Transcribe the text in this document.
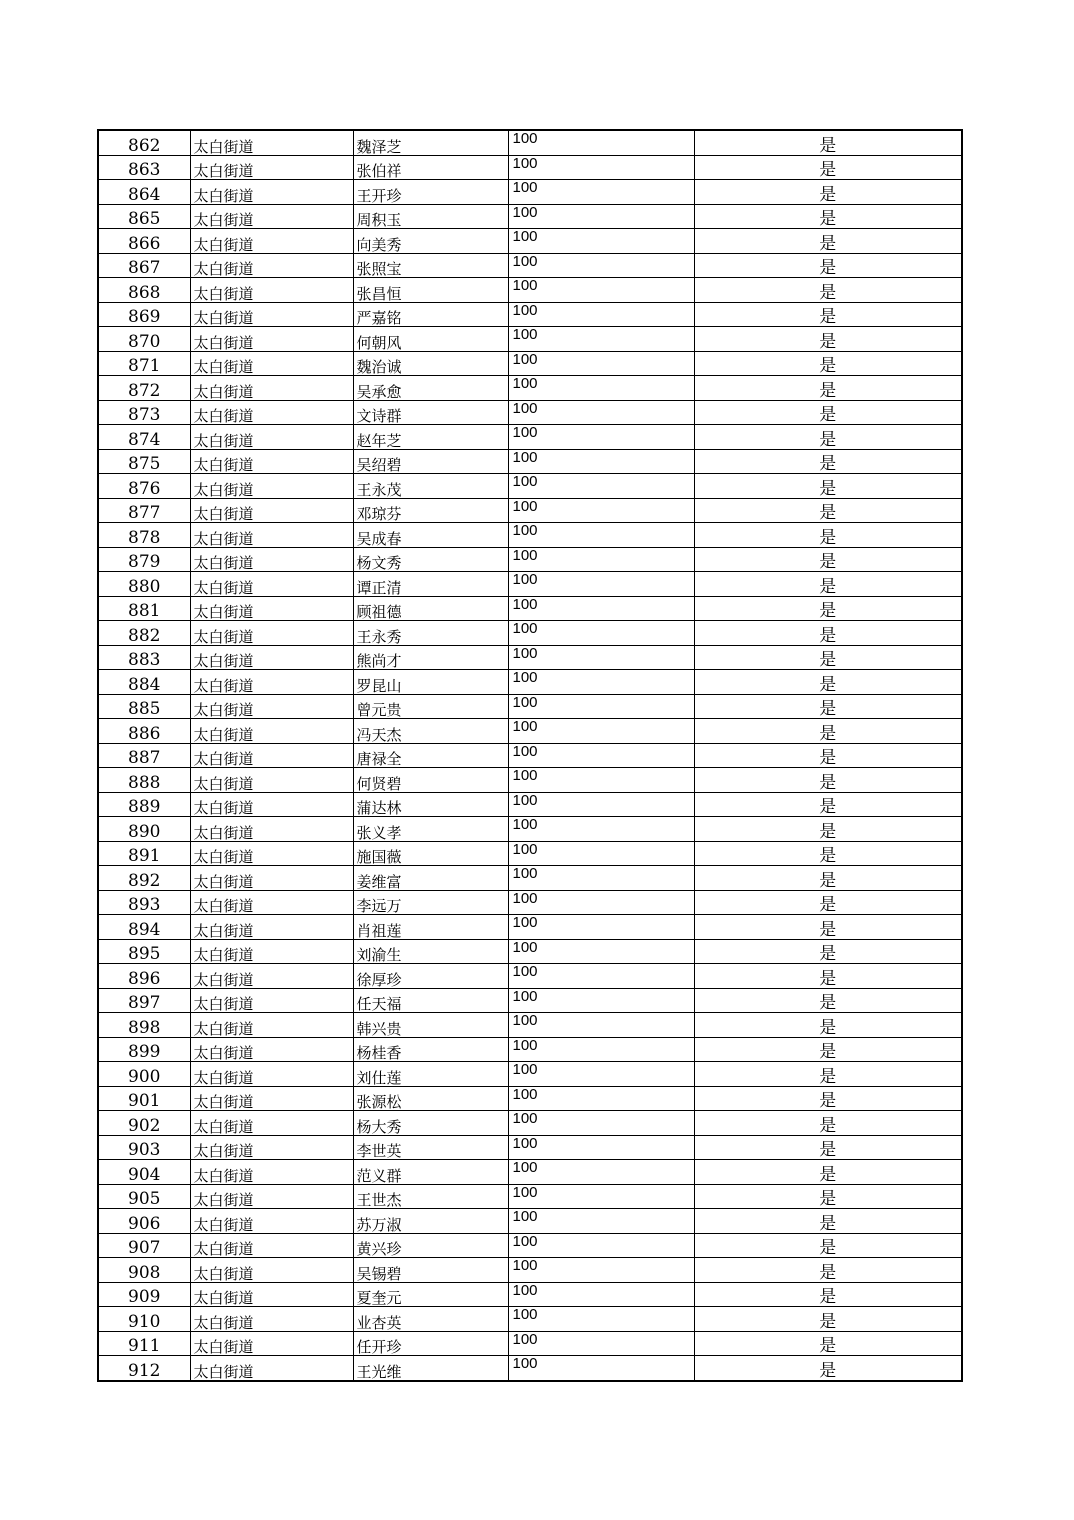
862	太白街道	魏泽芝	100	是
863	太白街道	张伯祥	100	是
864	太白街道	王开珍	100	是
865	太白街道	周积玉	100	是
866	太白街道	向美秀	100	是
867	太白街道	张照宝	100	是
868	太白街道	张昌恒	100	是
869	太白街道	严嘉铭	100	是
870	太白街道	何朝风	100	是
871	太白街道	魏治诚	100	是
872	太白街道	吴承愈	100	是
873	太白街道	文诗群	100	是
874	太白街道	赵年芝	100	是
875	太白街道	吴绍碧	100	是
876	太白街道	王永茂	100	是
877	太白街道	邓琼芬	100	是
878	太白街道	吴成春	100	是
879	太白街道	杨文秀	100	是
880	太白街道	谭正清	100	是
881	太白街道	顾祖德	100	是
882	太白街道	王永秀	100	是
883	太白街道	熊尚才	100	是
884	太白街道	罗昆山	100	是
885	太白街道	曾元贵	100	是
886	太白街道	冯天杰	100	是
887	太白街道	唐禄全	100	是
888	太白街道	何贤碧	100	是
889	太白街道	蒲达林	100	是
890	太白街道	张义孝	100	是
891	太白街道	施国薇	100	是
892	太白街道	姜维富	100	是
893	太白街道	李远万	100	是
894	太白街道	肖祖莲	100	是
895	太白街道	刘渝生	100	是
896	太白街道	徐厚珍	100	是
897	太白街道	任天福	100	是
898	太白街道	韩兴贵	100	是
899	太白街道	杨桂香	100	是
900	太白街道	刘仕莲	100	是
901	太白街道	张源松	100	是
902	太白街道	杨大秀	100	是
903	太白街道	李世英	100	是
904	太白街道	范义群	100	是
905	太白街道	王世杰	100	是
906	太白街道	苏万淑	100	是
907	太白街道	黄兴珍	100	是
908	太白街道	吴锡碧	100	是
909	太白街道	夏奎元	100	是
910	太白街道	业杏英	100	是
911	太白街道	任开珍	100	是
912	太白街道	王光维	100	是
